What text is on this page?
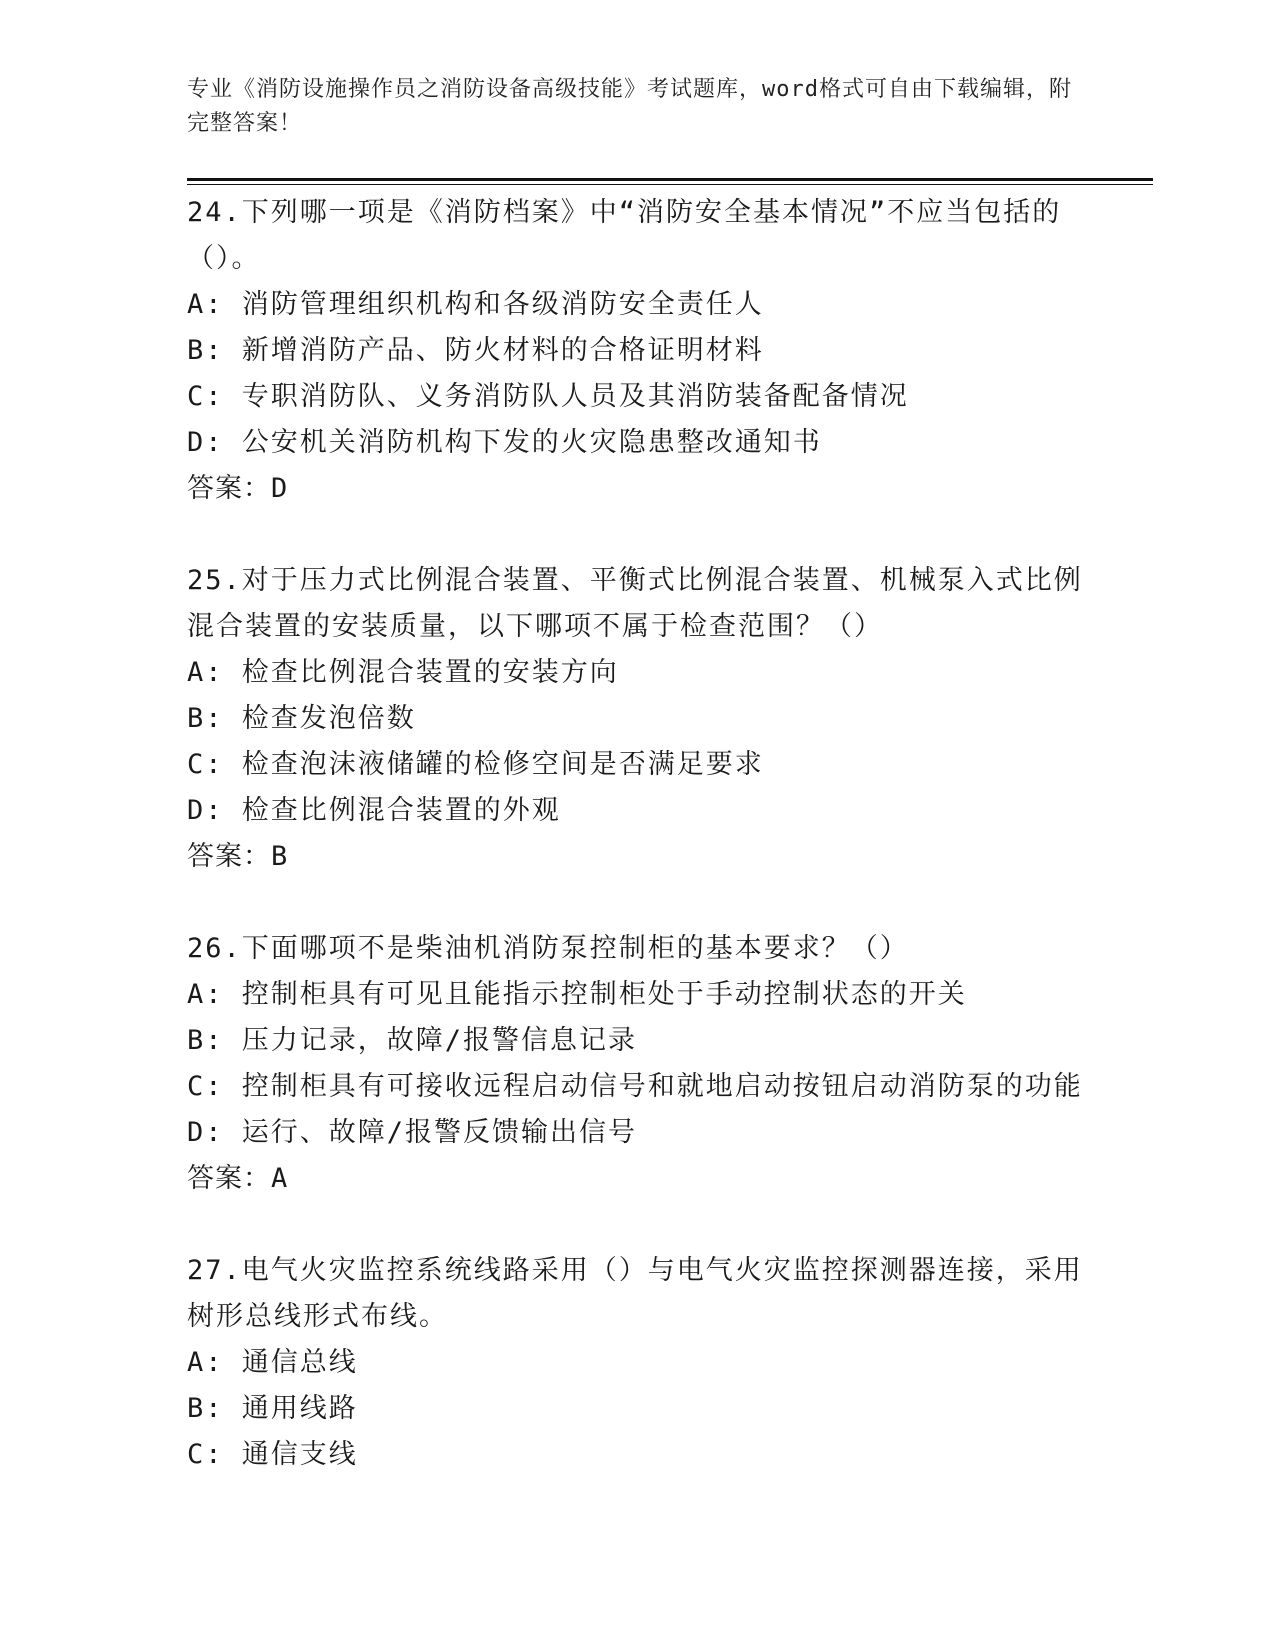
专业《消防设施操作员之消防设备高级技能》考试题库，word格式可自由下载编辑，附完整答案！

24.下列哪一项是《消防档案》中“消防安全基本情况”不应当包括的（）。

A: 消防管理组织机构和各级消防安全责任人

B: 新增消防产品、防火材料的合格证明材料

C: 专职消防队、义务消防队人员及其消防装备配备情况

D: 公安机关消防机构下发的火灾隐患整改通知书

答案：D

25.对于压力式比例混合装置、平衡式比例混合装置、机械泵入式比例混合装置的安装质量，以下哪项不属于检查范围？（）

A: 检查比例混合装置的安装方向

B: 检查发泡倍数

C: 检查泡沫液储罐的检修空间是否满足要求

D: 检查比例混合装置的外观

答案：B

26.下面哪项不是柴油机消防泵控制柜的基本要求？（）

A: 控制柜具有可见且能指示控制柜处于手动控制状态的开关

B: 压力记录，故障/报警信息记录

C: 控制柜具有可接收远程启动信号和就地启动按钮启动消防泵的功能

D: 运行、故障/报警反馈输出信号

答案：A

27.电气火灾监控系统线路采用（）与电气火灾监控探测器连接，采用树形总线形式布线。

A: 通信总线

B: 通用线路

C: 通信支线
